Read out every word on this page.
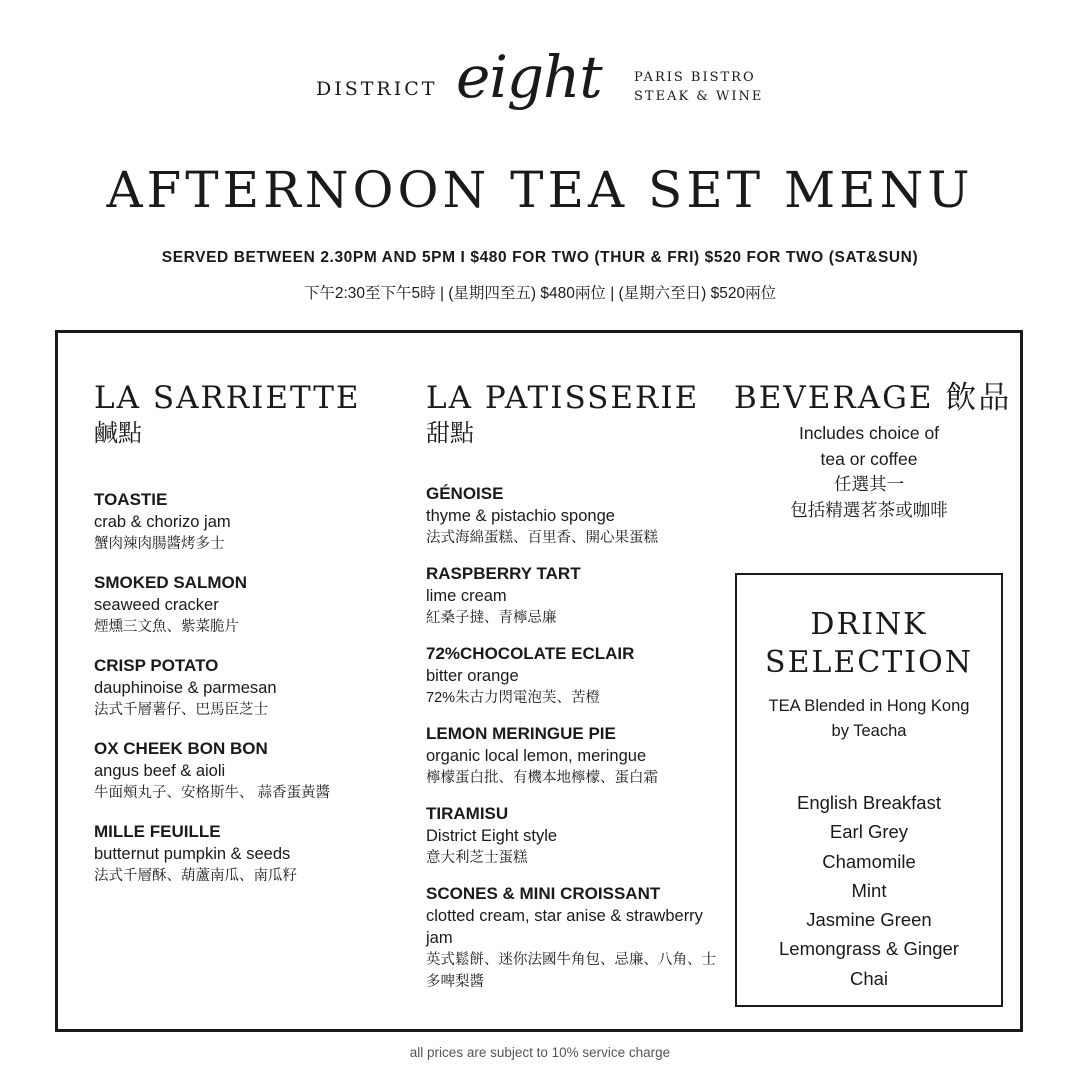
DISTRICT eight PARIS BISTRO
STEAK & WINE
AFTERNOON TEA SET MENU
SERVED BETWEEN 2.30PM AND 5PM I $480 FOR TWO (THUR & FRI) $520 FOR TWO (SAT&SUN)
下午2:30至下午5時 | (星期四至五) $480兩位 | (星期六至日) $520兩位
LA SARRIETTE
鹹點
TOASTIE
crab & chorizo jam
蟹肉辣肉腸醬烤多士
SMOKED SALMON
seaweed cracker
煙燻三文魚、紫菜脆片
CRISP POTATO
dauphinoise & parmesan
法式千層薯仔、巴馬臣芝士
OX CHEEK BON BON
angus beef & aioli
牛面頰丸子、安格斯牛、 蒜香蛋黃醬
MILLE FEUILLE
butternut pumpkin & seeds
法式千層酥、葫蘆南瓜、南瓜籽
LA PATISSERIE
甜點
GÉNOISE
thyme & pistachio sponge
法式海綿蛋糕、百里香、開心果蛋糕
RASPBERRY TART
lime cream
紅桑子撻、青檸忌廉
72%CHOCOLATE ECLAIR
bitter orange
72%朱古力閃電泡芙、苦橙
LEMON MERINGUE PIE
organic local lemon, meringue
檸檬蛋白批、有機本地檸檬、蛋白霜
TIRAMISU
District Eight style
意大利芝士蛋糕
SCONES & MINI CROISSANT
clotted cream, star anise & strawberry jam
英式鬆餅、迷你法國牛角包、忌廉、八角、士多啤梨醬
BEVERAGE 飲品
Includes choice of
tea or coffee
任選其一
包括精選茗茶或咖啡
DRINK
SELECTION
TEA Blended in Hong Kong
by Teacha
English Breakfast
Earl Grey
Chamomile
Mint
Jasmine Green
Lemongrass & Ginger
Chai
all prices are subject to 10% service charge
